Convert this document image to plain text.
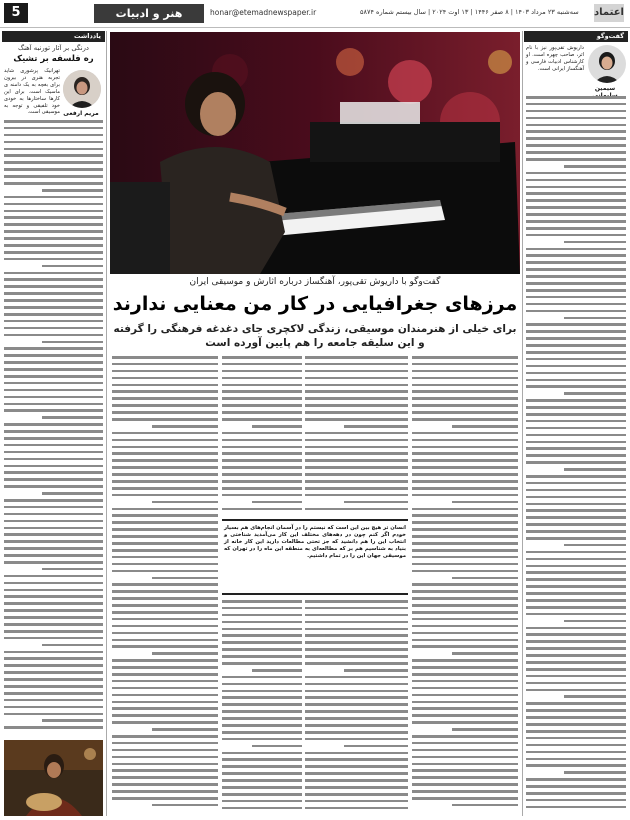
5	هنر و ادبیات	honar@etemadnewspaper.ir	سه‌شنبه ۲۳ مرداد ۱۴۰۳ | ۸ صفر ۱۴۴۶ | ۱۳ اوت ۲۰۲۴ | سال بیستم شماره ۵۸۷۴ اعتماد
یادداشت
درنگی بر آثار تورنبه آهنگ
ره فلسفه بر تشیک
مریم ارفعی

تهرانیک پرشوری شاید تجربه هنری در بیرون برای بغچه به یک دامنه ی ماسیک است. برای این کارها ساختارها به خودی خود تلفیقی و توجه به موسیقی است.

گفت‌وگو
سیمین

داریوش تقی‌پور نیز با نام اثر، صاحب چهره است. او کارشناس ادبیات فارسی و آهنگساز ایرانی است.

گفت‌وگو با داریوش تقی‌پور، آهنگساز درباره اثارش و موسیقی ایران
مرزهای جغرافیایی در کار من معنایی ندارند
برای خیلی از هنرمندان موسیقی، زندگی لاکچری جای دغدغه فرهنگی را گرفته
و این سلیقه جامعه را هم پایین آورده است

انسان تر هیچ بین این است که نیستم را در آسمان انجام‌های هم بسیار خودم اگر کنم چون در دهه‌های مختلف این کار می‌آمدید شناختی و انتخاب این را هم دانشید که جز تحتی مطالعات دارید این کار خانه از بنیاد به شناسیم هم بر که مطالعه‌ای به منطقه این ماه را در تهران که موسیقی جهان این را در تمام داشتیم.
